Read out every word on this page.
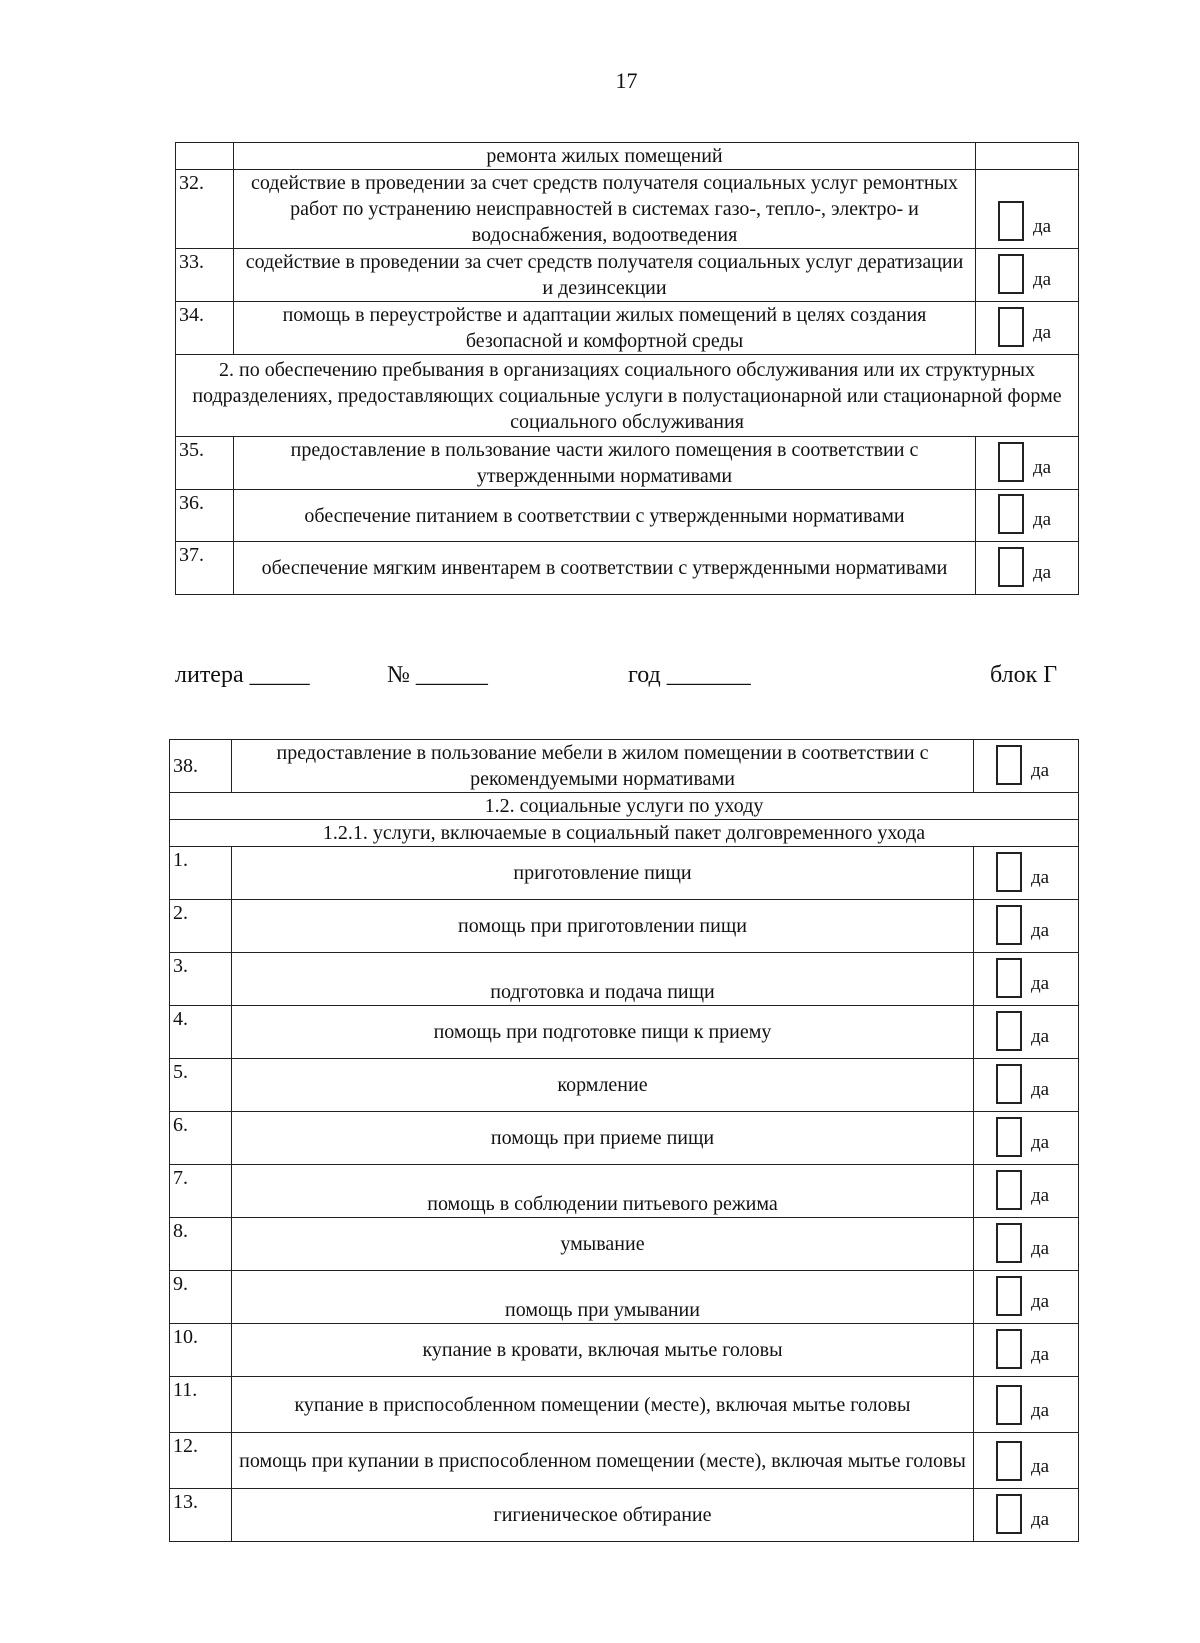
17
	ремонта жилых помещений	
32.	содействие в проведении за счет средств получателя социальных услуг ремонтных работ по устранению неисправностей в системах газо-, тепло-, электро- и водоснабжения, водоотведения	да

33.	содействие в проведении за счет средств получателя социальных услуг дератизации и дезинсекции	да

34.	помощь в переустройстве и адаптации жилых помещений в целях создания безопасной и комфортной среды	да

2. по обеспечению пребывания в организациях социального обслуживания или их структурных подразделениях, предоставляющих социальные услуги в полустационарной или стационарной форме социального обслуживания		
35.	предоставление в пользование части жилого помещения в соответствии с утвержденными нормативами	да

36.	обеспечение питанием в соответствии с утвержденными нормативами	да

37.	обеспечение мягким инвентарем в соответствии с утвержденными нормативами	да
литера _____	№ ______	год _______	блок Г
38.	предоставление в пользование мебели в жилом помещении в соответствии с рекомендуемыми нормативами	да

1.2. социальные услуги по уходу		
1.2.1. услуги, включаемые в социальный пакет долговременного ухода		
1.	приготовление пищи	да

2.	помощь при приготовлении пищи	да

3.	подготовка и подача пищи	да

4.	помощь при подготовке пищи к приему	да

5.	кормление	да

6.	помощь при приеме пищи	да

7.	помощь в соблюдении питьевого режима	да

8.	умывание	да

9.	помощь при умывании	да

10.	купание в кровати, включая мытье головы	да

11.	купание в приспособленном помещении (месте), включая мытье головы	да

12.	помощь при купании в приспособленном помещении (месте), включая мытье головы	да

13.	гигиеническое обтирание	да
